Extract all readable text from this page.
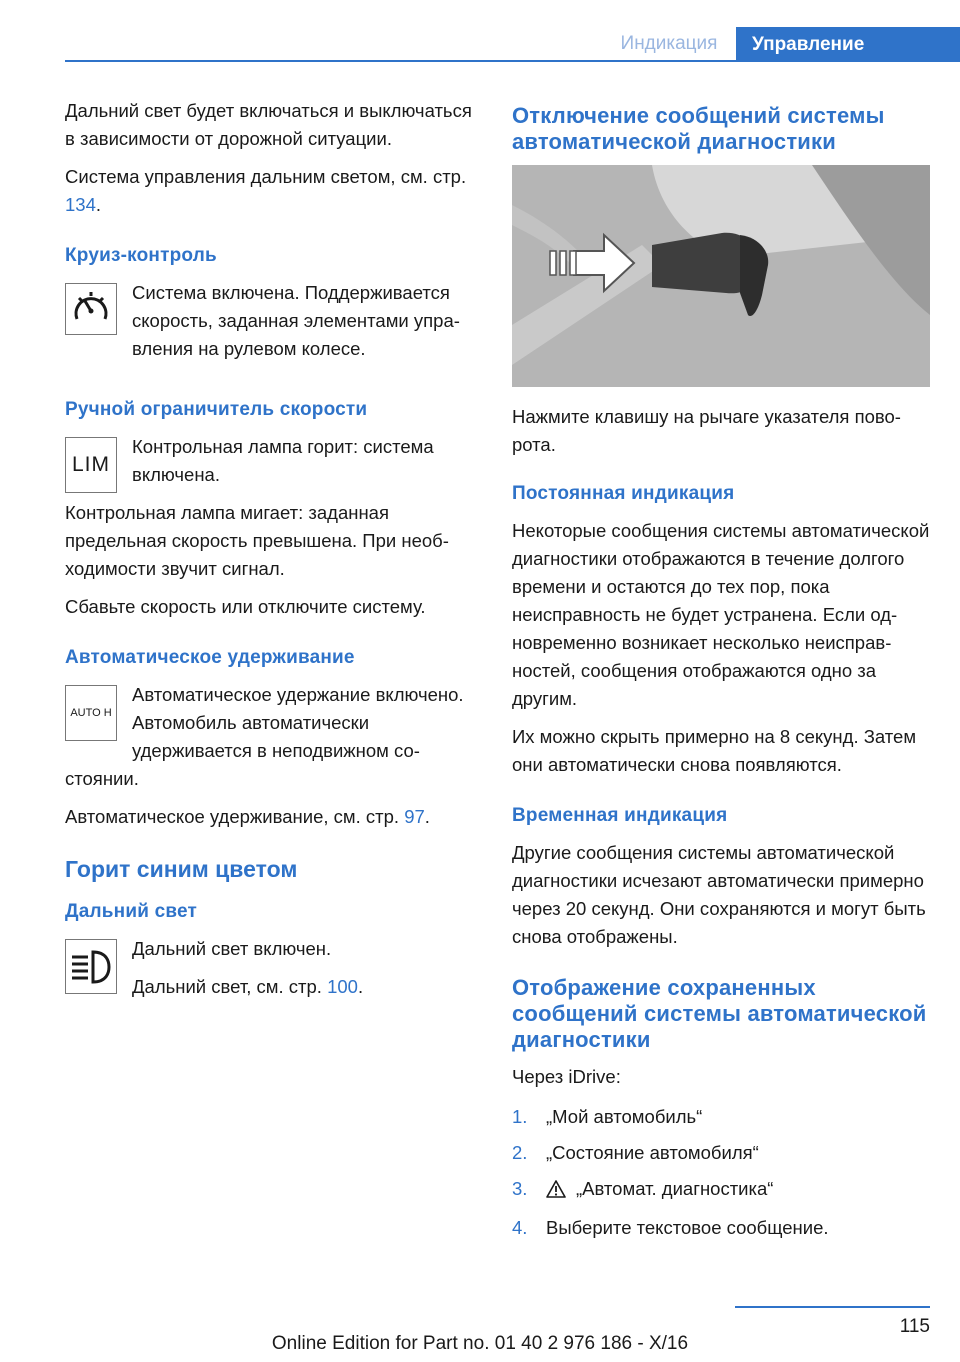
Индикация	Управление

Дальний свет будет включаться и выключаться в зависимости от дорожной ситуации.

Система управления дальним светом, см. стр. 134.

Круиз-контроль

Система включена. Поддерживается скорость, заданная элементами управления на рулевом колесе.

Ручной ограничитель скорости
LIM

Контрольная лампа горит: система включена.

Контрольная лампа мигает: заданная предельная скорость превышена. При необходимости звучит сигнал.

Сбавьте скорость или отключите систему.

Автоматическое удерживание
AUTO H

Автоматическое удержание включено. Автомобиль автоматически удерживается в неподвижном состоянии.

Автоматическое удерживание, см. стр. 97.

Горит синим цветом
Дальний свет

Дальний свет включен.

Дальний свет, см. стр. 100.

Отключение сообщений системы автоматической диагностики

Нажмите клавишу на рычаге указателя поворота.

Постоянная индикация

Некоторые сообщения системы автоматической диагностики отображаются в течение долгого времени и остаются до тех пор, пока неисправность не будет устранена. Если одновременно возникает несколько неисправностей, сообщения отображаются одно за другим.

Их можно скрыть примерно на 8 секунд. Затем они автоматически снова появляются.

Временная индикация

Другие сообщения системы автоматической диагностики исчезают автоматически примерно через 20 секунд. Они сохраняются и могут быть снова отображены.

Отображение сохраненных сообщений системы автоматической диагностики

Через iDrive:

1.	„Мой автомобиль“
2.	„Состояние автомобиля“
3.	„Автомат. диагностика“
4.	Выберите текстовое сообщение.
115
Online Edition for Part no. 01 40 2 976 186 - X/16
